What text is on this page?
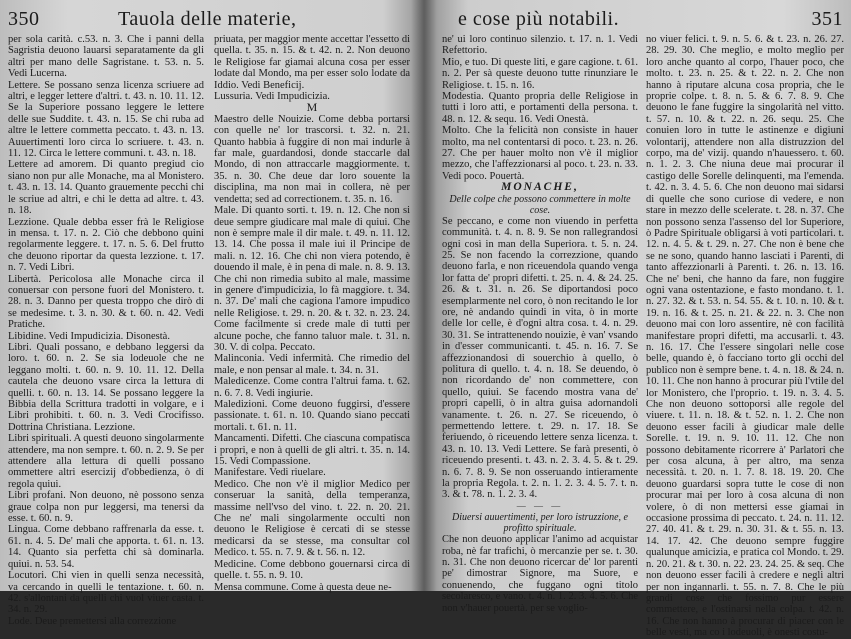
350	Tauola delle materie,

per sola carità. c.53. n. 3. Che i panni della Sagristia deuono lauarsi separatamente da gli altri per mano delle Sagristane. t. 53. n. 5. Vedi Lucerna.

Lettere. Se possano senza licenza scriuere ad altri, e legger lettere d'altri. t. 43. n. 10. 11. 12. Se la Superiore possano leggere le lettere delle sue Suddite. t. 43. n. 15. Se chi ruba ad altre le lettere commetta peccato. t. 43. n. 13. Auuertimenti loro circa lo scriuere. t. 43. n. 11. 12. Circa le lettere communi. t. 43. n. 18.

Lettere ad amorem. Di quanto pregiud cio siano non pur alle Monache, ma al Monistero. t. 43. n. 13. 14. Quanto grauemente pecchi chi le scriue ad altri, e chi le detta ad altre. t. 43. n. 18.

Lezzione. Quale debba esser frà le Religiose in mensa. t. 17. n. 2. Ciò che debbono quini regolarmente leggere. t. 17. n. 5. 6. Del frutto che deuono riportar da questa lezzione. t. 17. n. 7. Vedi Libri.

Libertà. Pericolosa alle Monache circa il conuersar con persone fuori del Monistero. t. 28. n. 3. Danno per questa troppo che dirò di se medesime. t. 3. n. 30. & t. 60. n. 42. Vedi Pratiche.

Libidine. Vedi Impudicizia. Disonestà.

Libri. Quali possano, e debbano leggersi da loro. t. 60. n. 2. Se sia lodeuole che ne leggano molti. t. 60. n. 9. 10. 11. 12. Della cautela che deuono vsare circa la lettura di quelli. t. 60. n. 13. 14. Se possano leggere la Bibbia della Scrittura tradotti in volgare, e i Libri prohibiti. t. 60. n. 3. Vedi Crocifisso. Dottrina Christiana. Lezzione.

Libri spirituali. A questi deuono singolarmente attendere, ma non sempre. t. 60. n. 2. 9. Se per attendere alla lettura di quelli possano ommettere altri esercizij d'obbedienza, ò di regola quiui.

Libri profani. Non deuono, nè possono senza graue colpa non pur leggersi, ma tenersi da esse. t. 60. n. 9.

Lingua. Come debbano raffrenarla da esse. t. 61. n. 4. 5. De' mali che apporta. t. 61. n. 13. 14. Quanto sia perfetta chi sà dominarla. quiui. n. 53. 54.

Locutori. Chi vien in quelli senza necessità, va cercando in quelli le tentazione. t. 60. n. 42. s'allontani da quelli chi vuol viuer casta. t. 34. n. 29.

Lode. Deue premettersi alla correzzione

priuata, per maggior mente accettar l'essetto di quella. t. 35. n. 15. & t. 42. n. 2. Non deuono le Religiose far giamai alcuna cosa per esser lodate dal Mondo, ma per esser solo lodate da Iddio. Vedi Beneficij.

Lussuria. Vedi Impudicizia.

M

Maestro delle Nouizie. Come debba portarsi con quelle ne' lor trascorsi. t. 32. n. 21. Quanto habbia à fuggire di non mai indurle à far male, guardandosi, donde staccarle dal Mondo, di non attraccarle maggiormente. t. 35. n. 30. Che deue dar loro souente la disciplina, ma non mai in collera, nè per vendetta; sed ad correctionem. t. 35. n. 16.

Male. Di quanto sorti. t. 19. n. 12. Che non si deue sempre giudicare mal male di quiui. Che non è sempre male il dir male. t. 49. n. 11. 12. 13. 14. Che possa il male iui il Principe de mali. n. 12. 16. Che chi non viera potendo, è douendo il male, è in pena di male. n. 8. 9. 13. Che chi non rimedia subito al male, massime in genere d'impudicizia, lo fà maggiore. t. 34. n. 37. De' mali che cagiona l'amore impudico nelle Religiose. t. 29. n. 20. & t. 32. n. 23. 24. Come facilmente si crede male di tutti per alcune poche, che fanno taluor male. t. 31. n. 30. V. di colpa. Peccato.

Malinconia. Vedi infermità. Che rimedio del male, e non pensar al male. t. 34. n. 31.

Maledicenze. Come contra l'altrui fama. t. 62. n. 6. 7. 8. Vedi ingiurie.

Maledizioni. Come deuono fuggirsi, d'essere passionate. t. 61. n. 10. Quando siano peccati mortali. t. 61. n. 11.

Mancamenti. Difetti. Che ciascuna compatisca i propri, e non à quelli de gli altri. t. 35. n. 14. 15. Vedi Compassione.

Manifestare. Vedi riuelare.

Medico. Che non v'è il miglior Medico per conseruar la sanità, della temperanza, massime nell'vso del vino. t. 22. n. 20. 21. Che ne' mali singolarmente occulti non deuono le Religiose è cercati di se stesse medicarsi da se stesse, ma consultar col Medico. t. 55. n. 7. 9. & t. 56. n. 12.

Medicine. Come debbono gouernarsi circa di quelle. t. 55. n. 9. 10.

Mensa commune. Come à questa deue ne-

e cose più notabili.	351

ne' ui loro continuo silenzio. t. 17. n. 1. Vedi Refettorio.

Mio, e tuo. Di queste liti, e gare cagione. t. 61. n. 2. Per sà queste deuono tutte rinunziare le Religiose. t. 15. n. 16.

Modestia. Quanto propria delle Religiose in tutti i loro atti, e portamenti della persona. t. 48. n. 12. & sequ. 16. Vedi Onestà.

Molto. Che la felicità non consiste in hauer molto, ma nel contentarsi di poco. t. 23. n. 26. 27. Che per hauer molto non v'è il miglior mezzo, che l'affezzionarsi al poco. t. 23. n. 33. Vedi poco. Pouertà.

MONACHE,

Delle colpe che possono commettere in molte cose.

Se peccano, e come non viuendo in perfetta communità. t. 4. n. 8. 9. Se non rallegrandosi ogni così in man della Superiora. t. 5. n. 24. 25. Se non facendo la correzzione, quando deuono farla, e non riceuendola quando venga lor fatta de' propri difetti. t. 25. n. 4. & 24. 25. 26. & t. 31. n. 26. Se diportandosi poco esemplarmente nel coro, ò non recitando le lor ore, nè andando quindi in vita, ò in morte delle lor celle, è d'ogni altra cosa. t. 4. n. 29. 30. 31. Se intrattenendo nouizie, è van' vsando in d'esser communicanti. t. 45. n. 16. 7. Se affezzionandosi di souerchio à quello, ò politura di quello. t. 4. n. 18. Se deuendo, ò non ricordando de' non commettere, con quello, quiui. Se facendo mostra vana de' propri capelli, ò in altra guisa adornandoli vanamente. t. 26. n. 27. Se riceuendo, ò permettendo lettere. t. 29. n. 17. 18. Se feriuendo, ò riceuendo lettere senza licenza. t. 43. n. 10. 13. Vedi Lettere. Se farà presenti, ò riceuendo presenti. t. 43. n. 2. 3. 4. 5. & t. 29. n. 6. 7. 8. 9. Se non osseruando intieramente la propria Regola. t. 2. n. 1. 2. 3. 4. 5. 7. t. n. 3. & t. 78. n. 1. 2. 3. 4.

— — —

Diuersi auuertimenti, per loro istruzzione, e profitto spirituale.

Che non deuono applicar l'animo ad acquistar roba, nè far trafichi, ò mercanzie per se. t. 30. n. 31. Che non deuono ricercar de' lor parenti pe' dimostrar Signore, ma Suore, e conuenendo, che fuggano ogni titolo secolaresco, e vano. t. 4. n. 1. 2. 3. 4. 5. 6. Che non v'hauer pouertà. per se voglio-

no viuer felici. t. 9. n. 5. 6. & t. 23. n. 26. 27. 28. 29. 30. Che meglio, e molto meglio per loro anche quanto al corpo, l'hauer poco, che molto. t. 23. n. 25. & t. 22. n. 2. Che non hanno à riputare alcuna cosa propria, che le proprie colpe. t. 8. n. 5. & 6. 7. 8. 9. Che deuono le fane fuggire la singolarità nel vitto. t. 57. n. 10. & t. 22. n. 26. sequ. 25. Che conuien loro in tutte le astinenze e digiuni volontarij, attendere non alla distruzzion del corpo, ma de' vizij. quando n'hauessero. t. 60. n. 1. 2. 3. Che niuna deue mai procurar il castigo delle Sorelle delinquenti, ma l'emenda. t. 42. n. 3. 4. 5. 6. Che non deuono mai sidarsi di quelle che sono curiose di vedere, e non stare in mezzo delle scelerate. t. 28. n. 37. Che non possono senza l'assenso del lor Superiore, ò Padre Spirituale obligarsi à voti particolari. t. 12. n. 4. 5. & t. 29. n. 27. Che non è bene che se ne sono, quando hanno lasciati i Parenti, di tanto affezzionarli à Parenti. t. 26. n. 13. 16. Che ne' beni, che hanno da fare, non fuggire ogni vana ostentazione, e fasto mondano. t. 1. n. 27. 32. & t. 53. n. 54. 55. & t. 10. n. 10. & t. 19. n. 16. & t. 25. n. 21. & 22. n. 3. Che non deuono mai con loro assentire, nè con facilità manifestare propri difetti, ma accusarli. t. 43. n. 16. 17. Che l'essere singolari nelle cose belle, quando è, ò facciano torto gli occhi del publico non è sempre bene. t. 4. n. 18. & 24. n. 10. 11. Che non hanno à procurar più l'vtile del lor Monistero, che l'proprio. t. 19. n. 3. 4. 5. Che non deuono sottoporsi alle regole del viuere. t. 11. n. 18. & t. 52. n. 1. 2. Che non deuono esser facili à giudicar male delle Sorelle. t. 19. n. 9. 10. 11. 12. Che non possono debitamente ricorrere à' Parlatori che per cosa alcuna, à per altro, ma senza necessità. t. 20. n. 1. 7. 8. 18. 19. 20. Che deuono guardarsi sopra tutte le cose di non procurar mai per loro à cosa alcuna di non volere, ò di non mettersi esse giamai in occasione prossima di peccato. t. 24. n. 11. 12. 27. 40. 41. & t. 29. n. 30. 31. & t. 55. n. 13. 14. 17. 42. Che deuono sempre fuggire qualunque amicizia, e pratica col Mondo. t. 29. n. 20. 21. & t. 30. n. 22. 23. 24. 25. & seq. Che non deuono esser facili à credere e negli altri per non ingannarli. t. 55. n. 7. 8. Che le più grandi cose che fossimo pur essere commettere, e l'ostinarsi nella colpa. t. 42. n. 16. Che non hanno à procurar di piacer con le belle vesti, ma co i lodeuoli, è onesti costu-
